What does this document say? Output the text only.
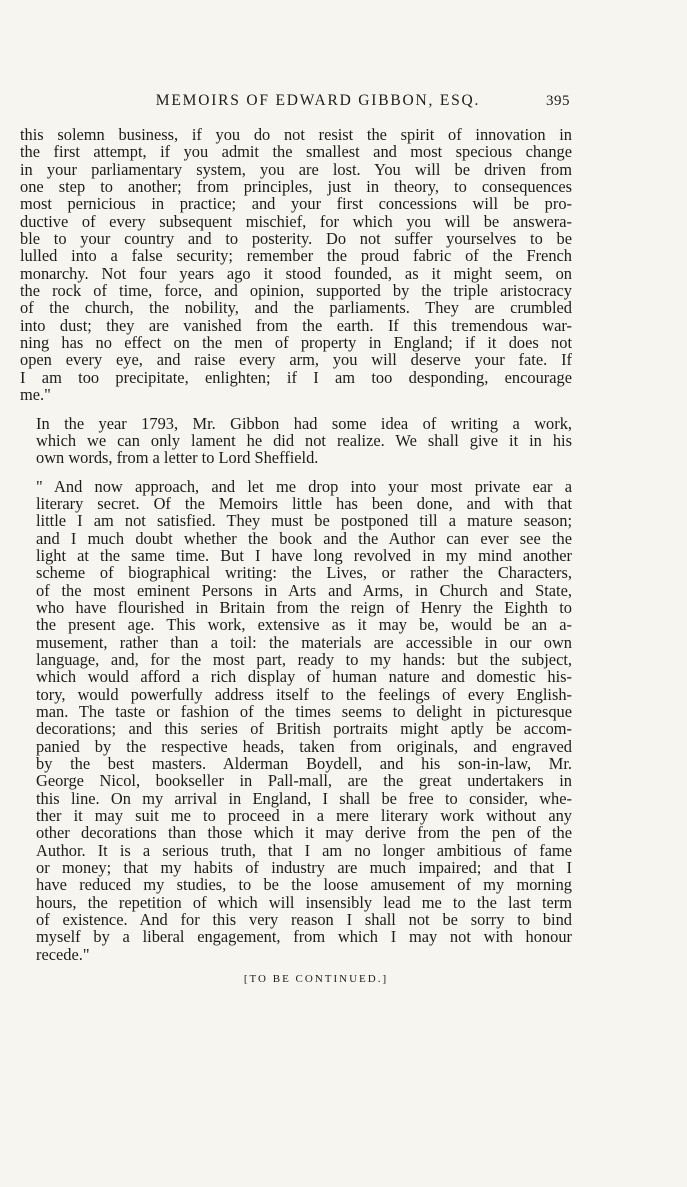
MEMOIRS OF EDWARD GIBBON, ESQ.	395

this solemn business, if you do not resist the spirit of innovation in
the first attempt, if you admit the smallest and most specious change
in your parliamentary system, you are lost. You will be driven from
one step to another; from principles, just in theory, to consequences
most pernicious in practice; and your first concessions will be pro-
ductive of every subsequent mischief, for which you will be answera-
ble to your country and to posterity. Do not suffer yourselves to be
lulled into a false security; remember the proud fabric of the French
monarchy. Not four years ago it stood founded, as it might seem, on
the rock of time, force, and opinion, supported by the triple aristocracy
of the church, the nobility, and the parliaments. They are crumbled
into dust; they are vanished from the earth. If this tremendous war-
ning has no effect on the men of property in England; if it does not
open every eye, and raise every arm, you will deserve your fate. If
I am too precipitate, enlighten; if I am too desponding, encourage
me."

In the year 1793, Mr. Gibbon had some idea of writing a work,
which we can only lament he did not realize. We shall give it in his
own words, from a letter to Lord Sheffield.

" And now approach, and let me drop into your most private ear a
literary secret. Of the Memoirs little has been done, and with that
little I am not satisfied. They must be postponed till a mature season;
and I much doubt whether the book and the Author can ever see the
light at the same time. But I have long revolved in my mind another
scheme of biographical writing: the Lives, or rather the Characters,
of the most eminent Persons in Arts and Arms, in Church and State,
who have flourished in Britain from the reign of Henry the Eighth to
the present age. This work, extensive as it may be, would be an a-
musement, rather than a toil: the materials are accessible in our own
language, and, for the most part, ready to my hands: but the subject,
which would afford a rich display of human nature and domestic his-
tory, would powerfully address itself to the feelings of every English-
man. The taste or fashion of the times seems to delight in picturesque
decorations; and this series of British portraits might aptly be accom-
panied by the respective heads, taken from originals, and engraved
by the best masters. Alderman Boydell, and his son-in-law, Mr.
George Nicol, bookseller in Pall-mall, are the great undertakers in
this line. On my arrival in England, I shall be free to consider, whe-
ther it may suit me to proceed in a mere literary work without any
other decorations than those which it may derive from the pen of the
Author. It is a serious truth, that I am no longer ambitious of fame
or money; that my habits of industry are much impaired; and that I
have reduced my studies, to be the loose amusement of my morning
hours, the repetition of which will insensibly lead me to the last term
of existence. And for this very reason I shall not be sorry to bind
myself by a liberal engagement, from which I may not with honour
recede."

[TO BE CONTINUED.]
